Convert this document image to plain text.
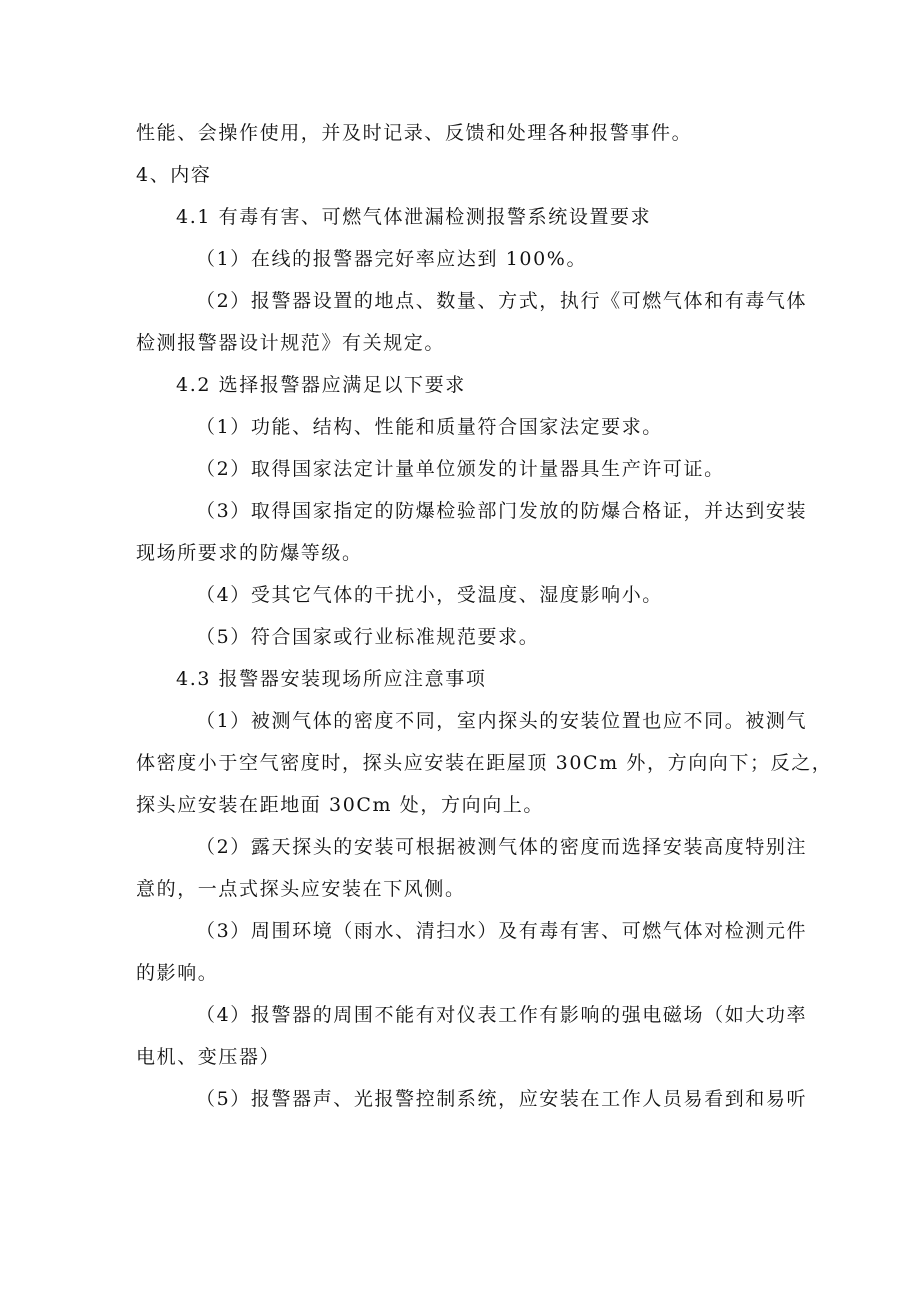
性能、会操作使用，并及时记录、反馈和处理各种报警事件。

4、内容

4.1 有毒有害、可燃气体泄漏检测报警系统设置要求

（1）在线的报警器完好率应达到 100%。

（2）报警器设置的地点、数量、方式，执行《可燃气体和有毒气体

检测报警器设计规范》有关规定。

4.2 选择报警器应满足以下要求

（1）功能、结构、性能和质量符合国家法定要求。

（2）取得国家法定计量单位颁发的计量器具生产许可证。

（3）取得国家指定的防爆检验部门发放的防爆合格证，并达到安装

现场所要求的防爆等级。

（4）受其它气体的干扰小，受温度、湿度影响小。

（5）符合国家或行业标准规范要求。

4.3 报警器安装现场所应注意事项

（1）被测气体的密度不同，室内探头的安装位置也应不同。被测气

体密度小于空气密度时，探头应安装在距屋顶 30Cm 外，方向向下；反之，

探头应安装在距地面 30Cm 处，方向向上。

（2）露天探头的安装可根据被测气体的密度而选择安装高度特别注

意的，一点式探头应安装在下风侧。

（3）周围环境（雨水、清扫水）及有毒有害、可燃气体对检测元件

的影响。

（4）报警器的周围不能有对仪表工作有影响的强电磁场（如大功率

电机、变压器）

（5）报警器声、光报警控制系统，应安装在工作人员易看到和易听
